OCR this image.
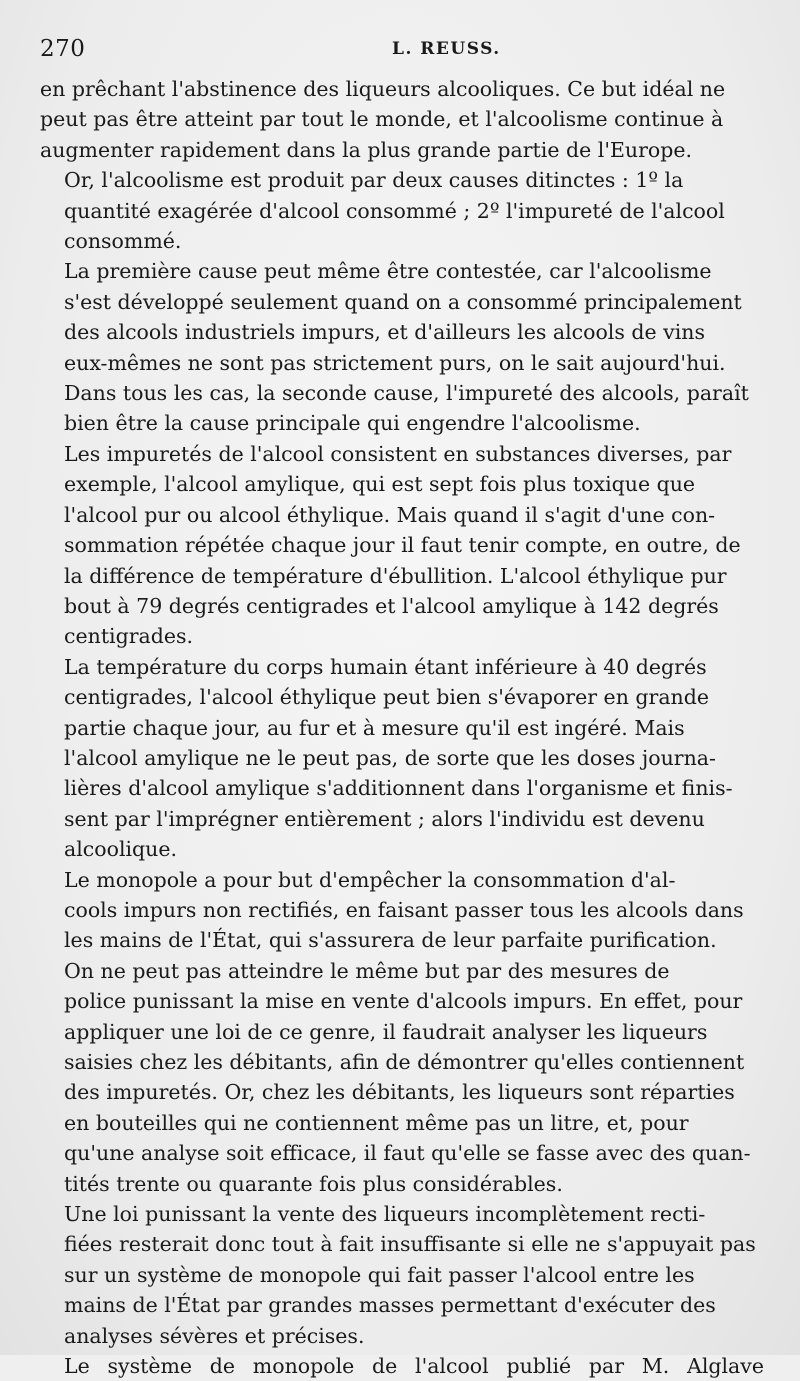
270	L. REUSS.

en prêchant l'abstinence des liqueurs alcooliques. Ce but idéal ne
peut pas être atteint par tout le monde, et l'alcoolisme continue à
augmenter rapidement dans la plus grande partie de l'Europe.

Or, l'alcoolisme est produit par deux causes ditinctes : 1º la
quantité exagérée d'alcool consommé ; 2º l'impureté de l'alcool
consommé.

La première cause peut même être contestée, car l'alcoolisme
s'est développé seulement quand on a consommé principalement
des alcools industriels impurs, et d'ailleurs les alcools de vins
eux-mêmes ne sont pas strictement purs, on le sait aujourd'hui.
Dans tous les cas, la seconde cause, l'impureté des alcools, paraît
bien être la cause principale qui engendre l'alcoolisme.

Les impuretés de l'alcool consistent en substances diverses, par
exemple, l'alcool amylique, qui est sept fois plus toxique que
l'alcool pur ou alcool éthylique. Mais quand il s'agit d'une con-
sommation répétée chaque jour il faut tenir compte, en outre, de
la différence de température d'ébullition. L'alcool éthylique pur
bout à 79 degrés centigrades et l'alcool amylique à 142 degrés
centigrades.

La température du corps humain étant inférieure à 40 degrés
centigrades, l'alcool éthylique peut bien s'évaporer en grande
partie chaque jour, au fur et à mesure qu'il est ingéré. Mais
l'alcool amylique ne le peut pas, de sorte que les doses journa-
lières d'alcool amylique s'additionnent dans l'organisme et finis-
sent par l'imprégner entièrement ; alors l'individu est devenu
alcoolique.

Le monopole a pour but d'empêcher la consommation d'al-
cools impurs non rectifiés, en faisant passer tous les alcools dans
les mains de l'État, qui s'assurera de leur parfaite purification.

On ne peut pas atteindre le même but par des mesures de
police punissant la mise en vente d'alcools impurs. En effet, pour
appliquer une loi de ce genre, il faudrait analyser les liqueurs
saisies chez les débitants, afin de démontrer qu'elles contiennent
des impuretés. Or, chez les débitants, les liqueurs sont réparties
en bouteilles qui ne contiennent même pas un litre, et, pour
qu'une analyse soit efficace, il faut qu'elle se fasse avec des quan-
tités trente ou quarante fois plus considérables.

Une loi punissant la vente des liqueurs incomplètement recti-
fiées resterait donc tout à fait insuffisante si elle ne s'appuyait pas
sur un système de monopole qui fait passer l'alcool entre les
mains de l'État par grandes masses permettant d'exécuter des
analyses sévères et précises.

Le système de monopole de l'alcool publié par M. Alglave
